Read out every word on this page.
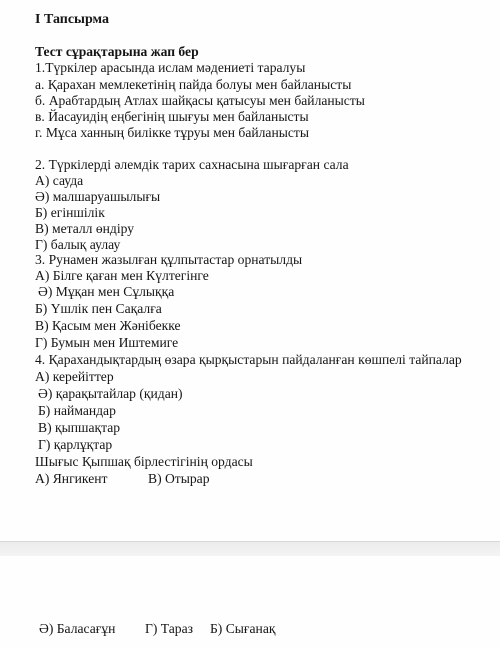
I Тапсырма
Тест сұрақтарына жап бер
1.Түркілер арасында ислам мәдениеті таралуы
а. Қарахан мемлекетінің пайда болуы мен байланысты
б. Арабтардың Атлах шайқасы қатысуы мен байланысты
в. Йасауидің еңбегінің шығуы мен байланысты
г. Мұса ханның билікке тұруы мен байланысты
2. Түркілерді әлемдік тарих сахнасына шығарған сала
А) сауда
Ә) малшаруашылығы
Б) егіншілік
В) металл өндіру
Г) балық аулау
3. Рунамен жазылған құлпытастар орнатылды
А) Білге қаған мен Күлтегінге
Ә) Мұқан мен Сұлыққа
Б) Үшлік пен Сақалға
В) Қасым мен Жәнібекке
Г) Бумын мен Иштемиге
4. Қарахандықтардың өзара қырқыстарын пайдаланған көшпелі тайпалар
А) керейіттер
Ә) қарақытайлар (қидан)
Б) наймандар
В) қыпшақтар
Г) қарлұқтар
Шығыс Қыпшақ бірлестігінің ордасы
А) Янгикент	В) Отырар
Ә) Баласағұн Г) Тараз Б) Сығанақ
